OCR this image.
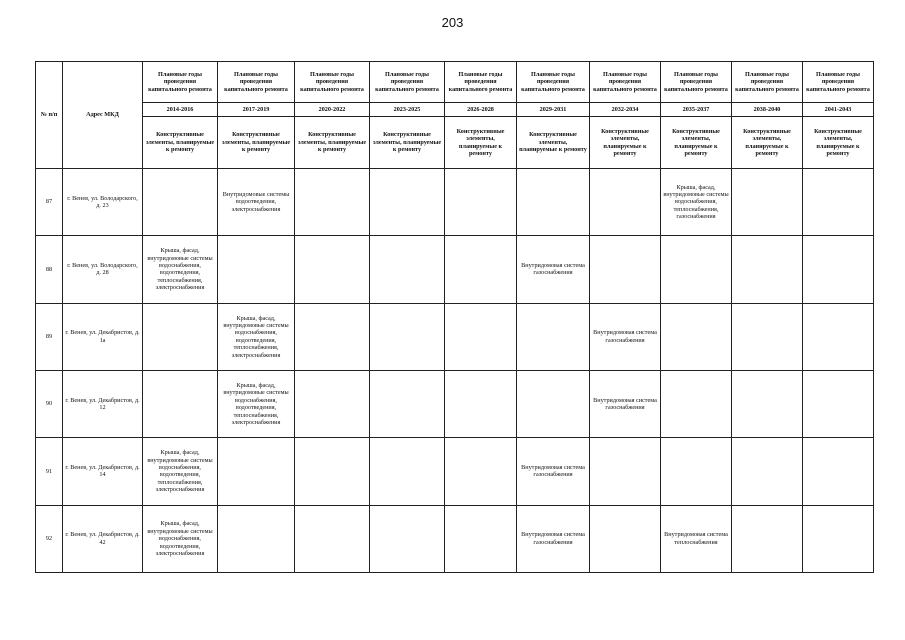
203
№ п/п	Адрес МКД	Плановые годы проведения капитального ремонта	Плановые годы проведения капитального ремонта	Плановые годы проведения капитального ремонта	Плановые годы проведения капитального ремонта	Плановые годы проведения капитального ремонта	Плановые годы проведения капитального ремонта	Плановые годы проведения капитального ремонта	Плановые годы проведения капитального ремонта	Плановые годы проведения капитального ремонта	Плановые годы проведения капитального ремонта
		2014-2016	2017-2019	2020-2022	2023-2025	2026-2028	2029-2031	2032-2034	2035-2037	2038-2040	2041-2043
		Конструктивные элементы, планируемые к ремонту	Конструктивные элементы, планируемые к ремонту	Конструктивные элементы, планируемые к ремонту	Конструктивные элементы, планируемые к ремонту	Конструктивные элементы, планируемые к ремонту	Конструктивные элементы, планируемые к ремонту	Конструктивные элементы, планируемые к ремонту	Конструктивные элементы, планируемые к ремонту	Конструктивные элементы, планируемые к ремонту	Конструктивные элементы, планируемые к ремонту
87	г. Венев, ул. Володарского, д. 23		Внутридомовые системы водоотведения, электроснабжения						Крыша, фасад, внутридомовые системы водоснабжения, теплоснабжения, газоснабжения		
88	г. Венев, ул. Володарского, д. 28	Крыша, фасад, внутридомовые системы водоснабжения, водоотведения, теплоснабжения, электроснабжения					Внутридомовая система газоснабжения				
89	г. Венев, ул. Декабристов, д. 1а		Крыша, фасад, внутридомовые системы водоснабжения, водоотведения, теплоснабжения, электроснабжения					Внутридомовая система газоснабжения			
90	г. Венев, ул. Декабристов, д. 12		Крыша, фасад, внутридомовые системы водоснабжения, водоотведения, теплоснабжения, электроснабжения					Внутридомовая система газоснабжения			
91	г. Венев, ул. Декабристов, д. 14	Крыша, фасад, внутридомовые системы водоснабжения, водоотведения, теплоснабжения, электроснабжения					Внутридомовая система газоснабжения				
92	г. Венев, ул. Декабристов, д. 42	Крыша, фасад, внутридомовые системы водоснабжения, водоотведения, электроснабжения					Внутридомовая система газоснабжения		Внутридомовая система теплоснабжения		
